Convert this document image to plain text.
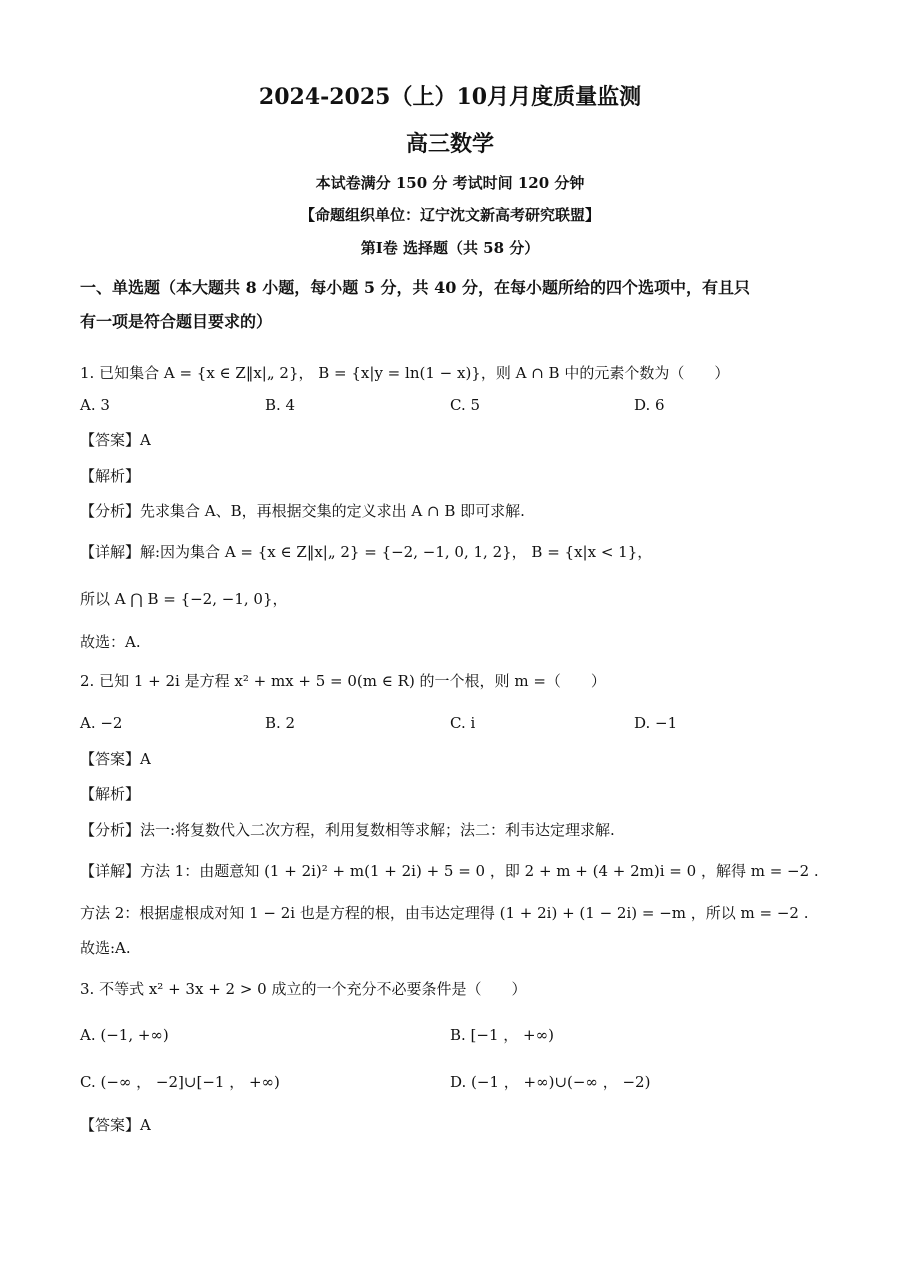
2024-2025（上）10月月度质量监测
高三数学
本试卷满分 150 分 考试时间 120 分钟
【命题组织单位：辽宁沈文新高考研究联盟】
第Ⅰ卷 选择题（共 58 分）
一、单选题（本大题共 8 小题，每小题 5 分，共 40 分，在每小题所给的四个选项中，有且只
有一项是符合题目要求的）
1. 已知集合 A = {x ∈ Z‖x|„ 2}， B = {x|y = ln(1 − x)}，则 A ∩ B 中的元素个数为（　　）
A. 3	B. 4	C. 5	D. 6
【答案】A
【解析】
【分析】先求集合 A、B，再根据交集的定义求出 A ∩ B 即可求解.
【详解】解:因为集合 A = {x ∈ Z‖x|„ 2} = {−2, −1, 0, 1, 2}， B = {x|x < 1}，
所以 A ⋂ B = {−2, −1, 0}，
故选：A.
2. 已知 1 + 2i 是方程 x² + mx + 5 = 0(m ∈ R) 的一个根，则 m =（　　）
A. −2	B. 2	C. i	D. −1
【答案】A
【解析】
【分析】法一:将复数代入二次方程，利用复数相等求解；法二：利韦达定理求解.
【详解】方法 1：由题意知 (1 + 2i)² + m(1 + 2i) + 5 = 0 ，即 2 + m + (4 + 2m)i = 0 ，解得 m = −2 .
方法 2：根据虚根成对知 1 − 2i 也是方程的根，由韦达定理得 (1 + 2i) + (1 − 2i) = −m ，所以 m = −2 .
故选:A.
3. 不等式 x² + 3x + 2 > 0 成立的一个充分不必要条件是（　　）
A. (−1, +∞)	B. [−1 ， +∞)
C. (−∞ ， −2]∪[−1 ， +∞)	D. (−1 ， +∞)∪(−∞ ， −2)
【答案】A
